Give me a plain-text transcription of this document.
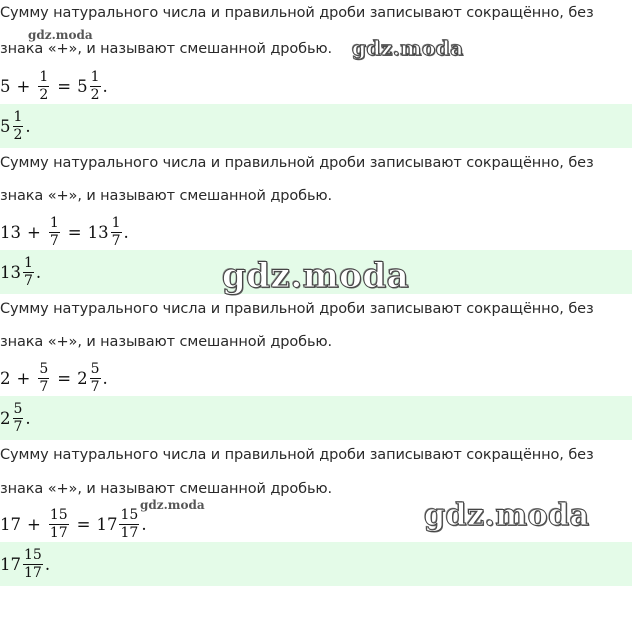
Сумму натурального числа и правильной дроби записывают сокращённо, без
знака «+», и называют смешанной дробью.
$5 + \frac{1}{2} = 5 \frac{1}{2}$ .
$5 \frac{1}{2}$ .
Сумму натурального числа и правильной дроби записывают сокращённо, без
знака «+», и называют смешанной дробью.
$13 + \frac{1}{7} = 13 \frac{1}{7}$ .
$13 \frac{1}{7}$ .
Сумму натурального числа и правильной дроби записывают сокращённо, без
знака «+», и называют смешанной дробью.
$2 + \frac{5}{7} = 2 \frac{5}{7}$ .
$2 \frac{5}{7}$ .
Сумму натурального числа и правильной дроби записывают сокращённо, без
знака «+», и называют смешанной дробью.
$17 + \frac{15}{17} = 17 \frac{15}{17}$ .
$17 \frac{15}{17}$ .
gdz.moda
gdz.moda
gdz.moda
gdz.moda	gdz.moda
